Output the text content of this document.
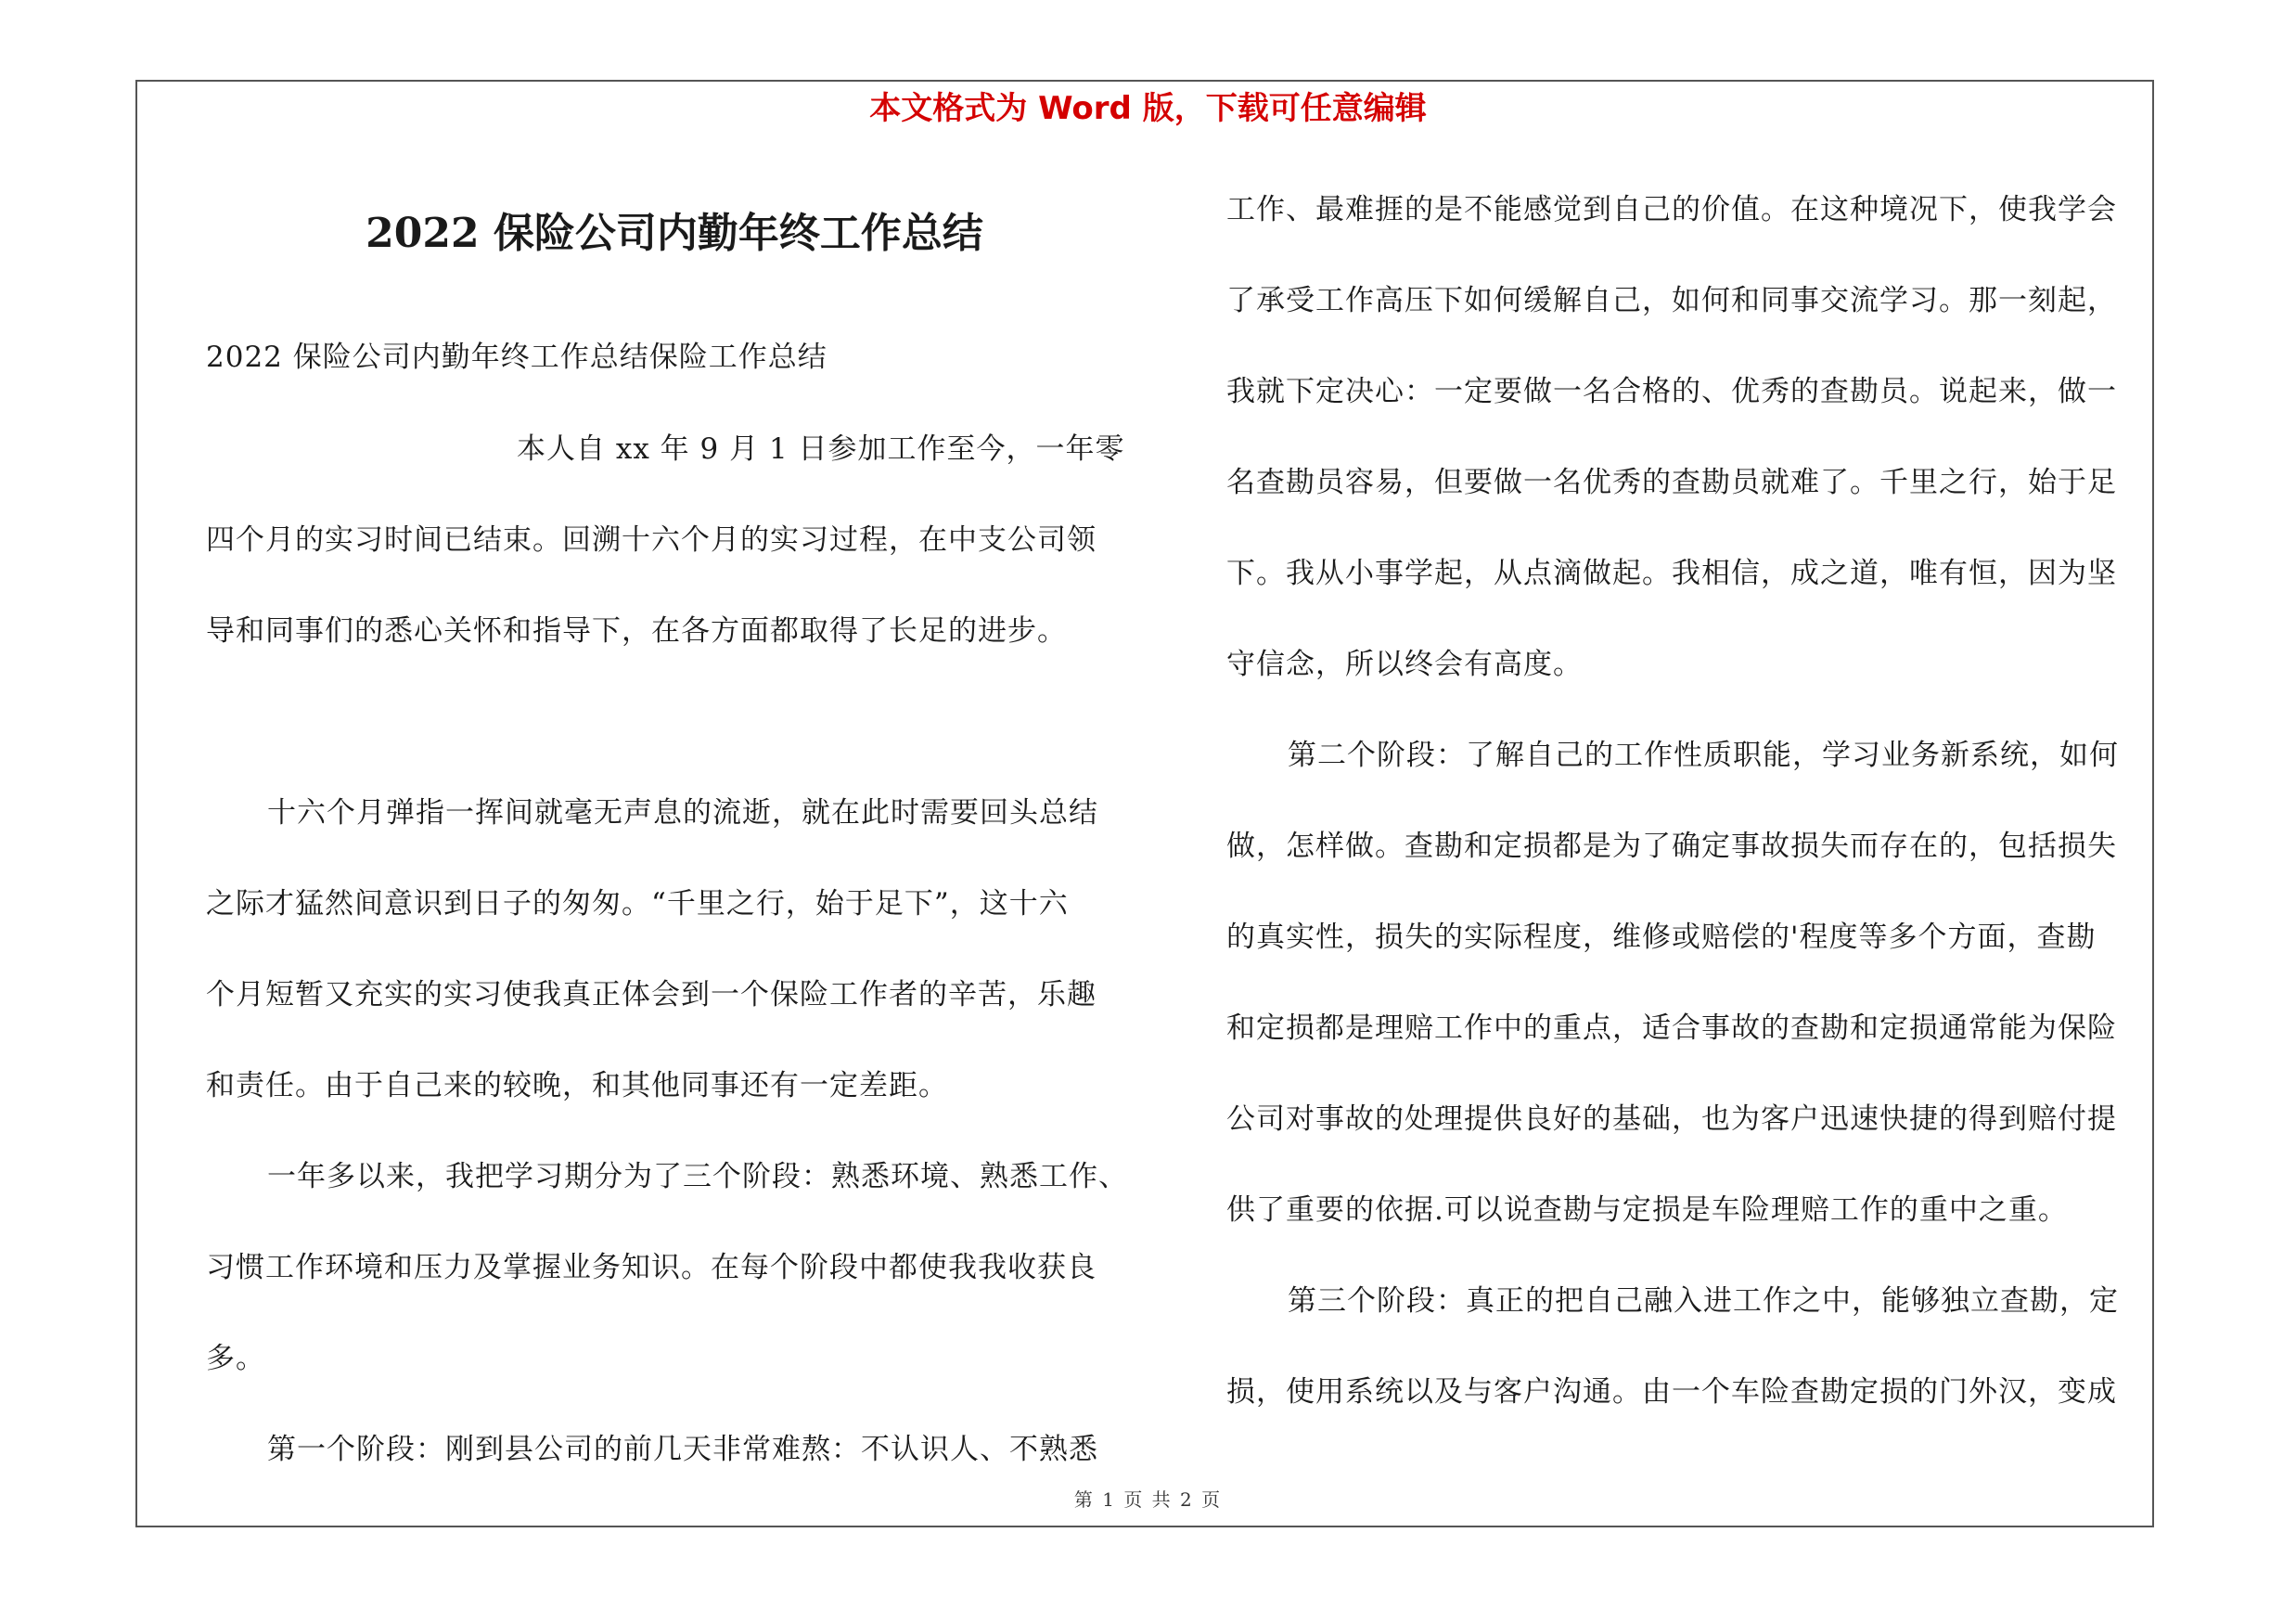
本文格式为 Word 版，下载可任意编辑
2022 保险公司内勤年终工作总结
2022 保险公司内勤年终工作总结保险工作总结
本人自 xx 年 9 月 1 日参加工作至今，一年零
四个月的实习时间已结束。回溯十六个月的实习过程，在中支公司领
导和同事们的悉心关怀和指导下，在各方面都取得了长足的进步。
十六个月弹指一挥间就毫无声息的流逝，就在此时需要回头总结
之际才猛然间意识到日子的匆匆。“千里之行，始于足下”，这十六
个月短暂又充实的实习使我真正体会到一个保险工作者的辛苦，乐趣
和责任。由于自己来的较晚，和其他同事还有一定差距。
一年多以来，我把学习期分为了三个阶段：熟悉环境、熟悉工作、
习惯工作环境和压力及掌握业务知识。在每个阶段中都使我我收获良
多。
第一个阶段：刚到县公司的前几天非常难熬：不认识人、不熟悉
工作、最难捱的是不能感觉到自己的价值。在这种境况下，使我学会
了承受工作高压下如何缓解自己，如何和同事交流学习。那一刻起，
我就下定决心：一定要做一名合格的、优秀的查勘员。说起来，做一
名查勘员容易，但要做一名优秀的查勘员就难了。千里之行，始于足
下。我从小事学起，从点滴做起。我相信，成之道，唯有恒，因为坚
守信念，所以终会有高度。
第二个阶段：了解自己的工作性质职能，学习业务新系统，如何
做，怎样做。查勘和定损都是为了确定事故损失而存在的，包括损失
的真实性，损失的实际程度，维修或赔偿的'程度等多个方面，查勘
和定损都是理赔工作中的重点，适合事故的查勘和定损通常能为保险
公司对事故的处理提供良好的基础，也为客户迅速快捷的得到赔付提
供了重要的依据.可以说查勘与定损是车险理赔工作的重中之重。
第三个阶段：真正的把自己融入进工作之中，能够独立查勘，定
损，使用系统以及与客户沟通。由一个车险查勘定损的门外汉，变成
第 1 页 共 2 页
